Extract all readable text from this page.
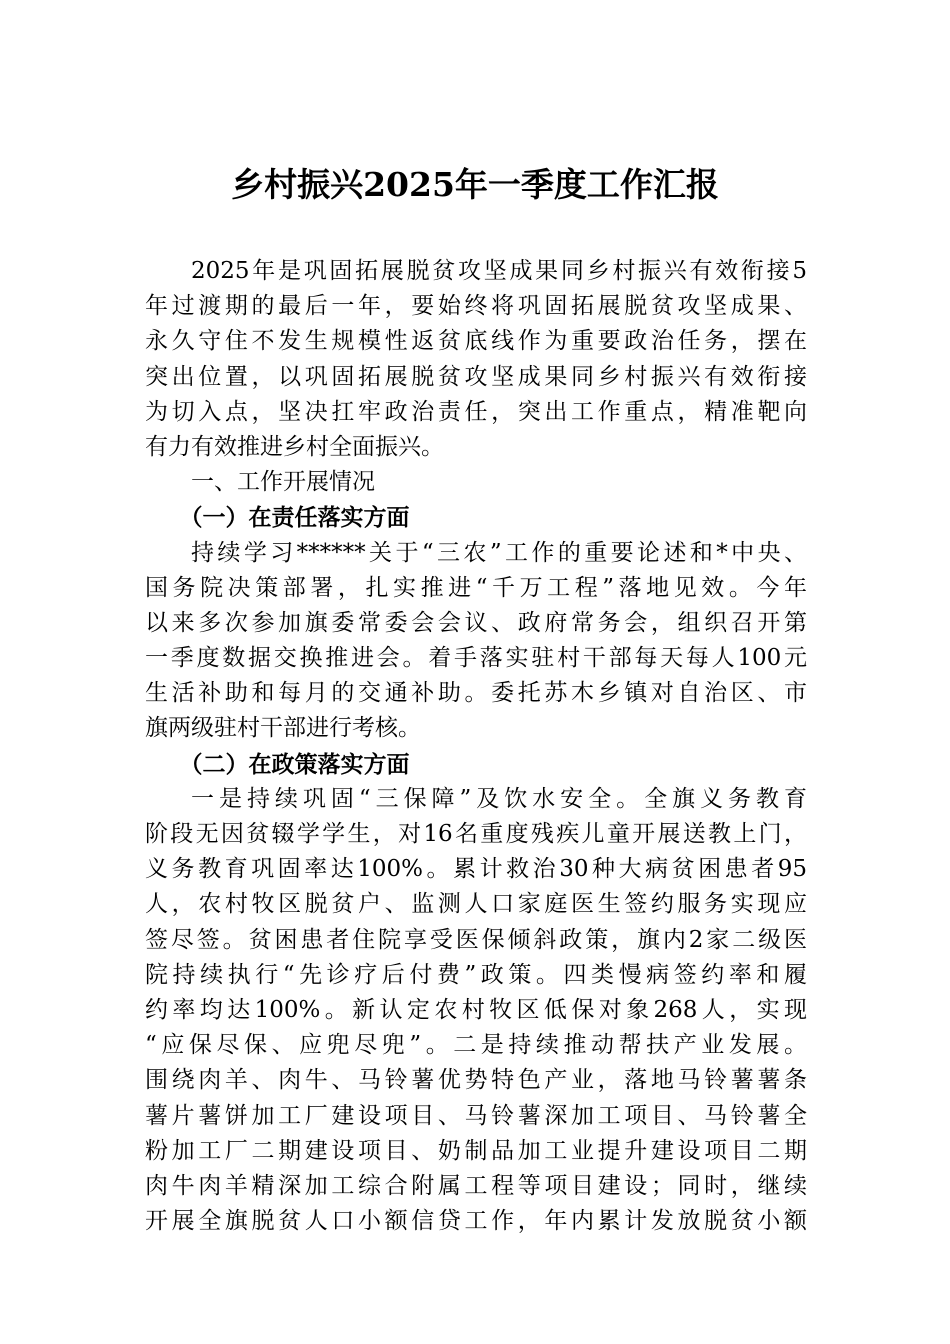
乡村振兴2025年一季度工作汇报
2025年是巩固拓展脱贫攻坚成果同乡村振兴有效衔接5
年过渡期的最后一年，要始终将巩固拓展脱贫攻坚成果、
永久守住不发生规模性返贫底线作为重要政治任务，摆在
突出位置，以巩固拓展脱贫攻坚成果同乡村振兴有效衔接
为切入点，坚决扛牢政治责任，突出工作重点，精准靶向
有力有效推进乡村全面振兴。

一、工作开展情况

（一）在责任落实方面

持续学习******关于“三农”工作的重要论述和*中央、
国务院决策部署，扎实推进“千万工程”落地见效。今年
以来多次参加旗委常委会会议、政府常务会，组织召开第
一季度数据交换推进会。着手落实驻村干部每天每人100元
生活补助和每月的交通补助。委托苏木乡镇对自治区、市
旗两级驻村干部进行考核。

（二）在政策落实方面

一是持续巩固“三保障”及饮水安全。全旗义务教育
阶段无因贫辍学学生，对16名重度残疾儿童开展送教上门，
义务教育巩固率达100%。累计救治30种大病贫困患者95
人，农村牧区脱贫户、监测人口家庭医生签约服务实现应
签尽签。贫困患者住院享受医保倾斜政策，旗内2家二级医
院持续执行“先诊疗后付费”政策。四类慢病签约率和履
约率均达100%。新认定农村牧区低保对象268人，实现
“应保尽保、应兜尽兜”。二是持续推动帮扶产业发展。
围绕肉羊、肉牛、马铃薯优势特色产业，落地马铃薯薯条
薯片薯饼加工厂建设项目、马铃薯深加工项目、马铃薯全
粉加工厂二期建设项目、奶制品加工业提升建设项目二期
肉牛肉羊精深加工综合附属工程等项目建设；同时，继续
开展全旗脱贫人口小额信贷工作，年内累计发放脱贫小额
